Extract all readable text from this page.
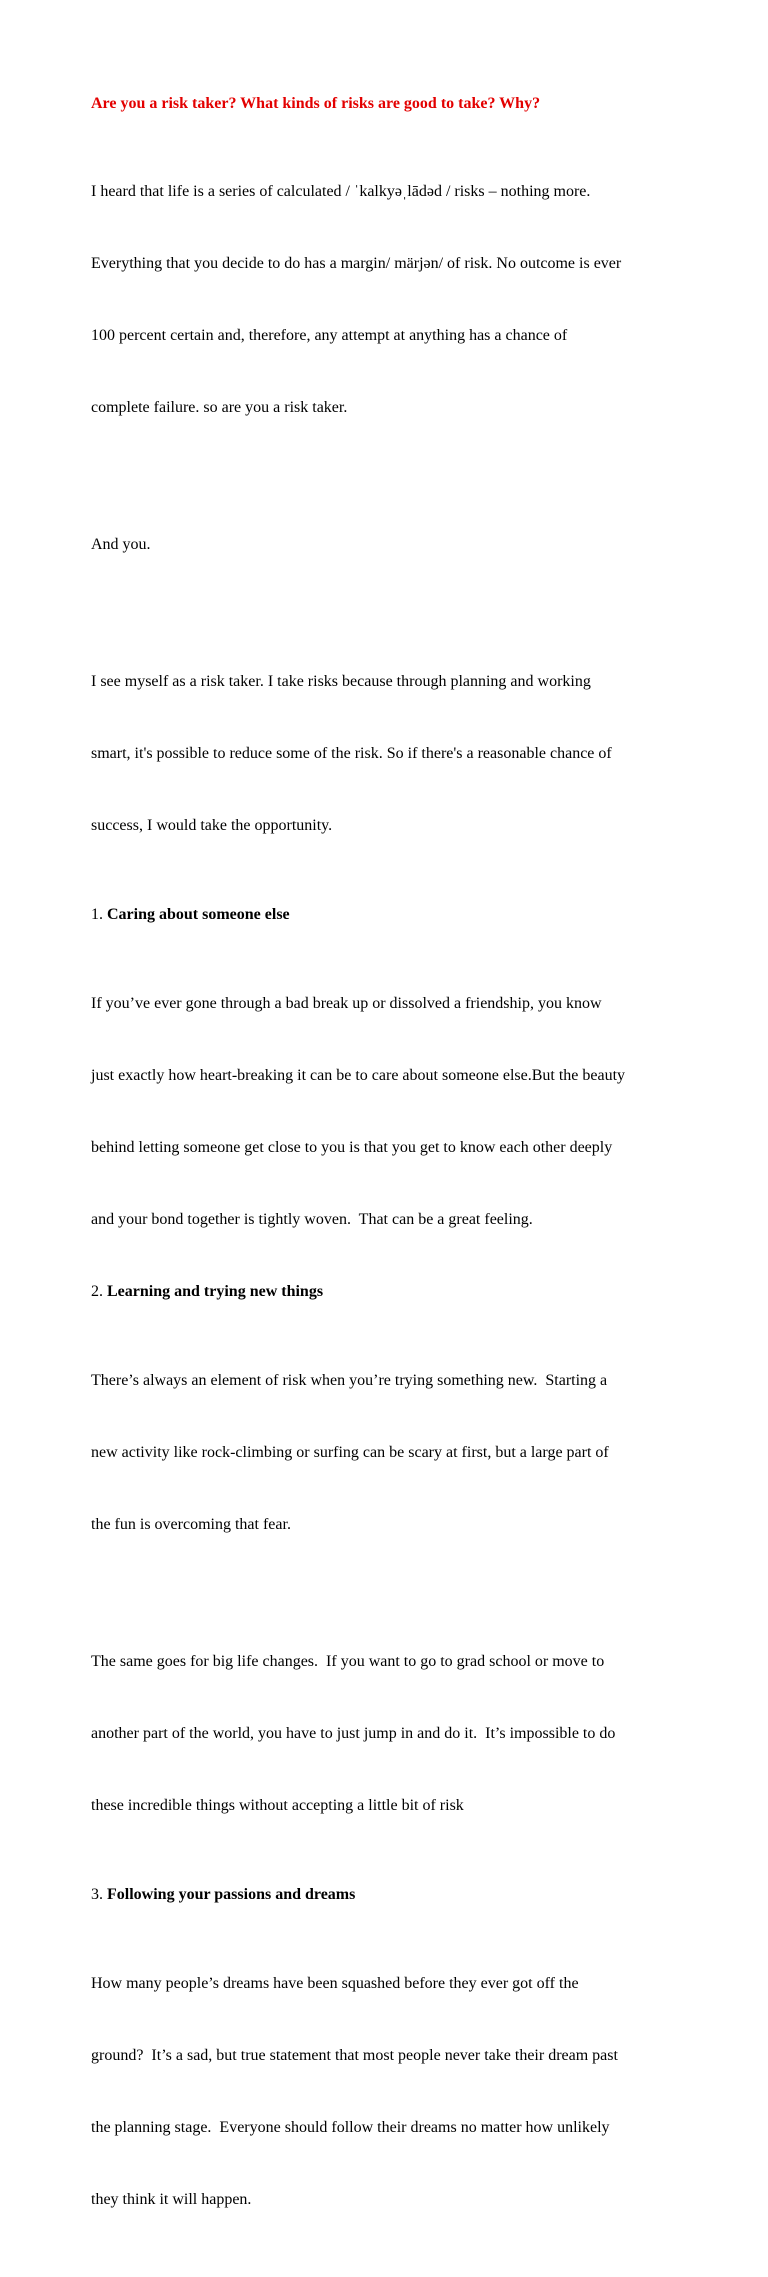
Are you a risk taker? What kinds of risks are good to take? Why?

I heard that life is a series of calculated / ˈkalkyəˌlādəd / risks – nothing more.

Everything that you decide to do has a margin/ märjən/ of risk. No outcome is ever

100 percent certain and, therefore, any attempt at anything has a chance of

complete failure. so are you a risk taker.

And you.

I see myself as a risk taker. I take risks because through planning and working

smart, it's possible to reduce some of the risk. So if there's a reasonable chance of

success, I would take the opportunity.

1. Caring about someone else

If you’ve ever gone through a bad break up or dissolved a friendship, you know

just exactly how heart-breaking it can be to care about someone else.But the beauty

behind letting someone get close to you is that you get to know each other deeply

and your bond together is tightly woven.  That can be a great feeling.

2. Learning and trying new things

There’s always an element of risk when you’re trying something new.  Starting a

new activity like rock-climbing or surfing can be scary at first, but a large part of

the fun is overcoming that fear.

The same goes for big life changes.  If you want to go to grad school or move to

another part of the world, you have to just jump in and do it.  It’s impossible to do

these incredible things without accepting a little bit of risk

3. Following your passions and dreams

How many people’s dreams have been squashed before they ever got off the

ground?  It’s a sad, but true statement that most people never take their dream past

the planning stage.  Everyone should follow their dreams no matter how unlikely

they think it will happen.
